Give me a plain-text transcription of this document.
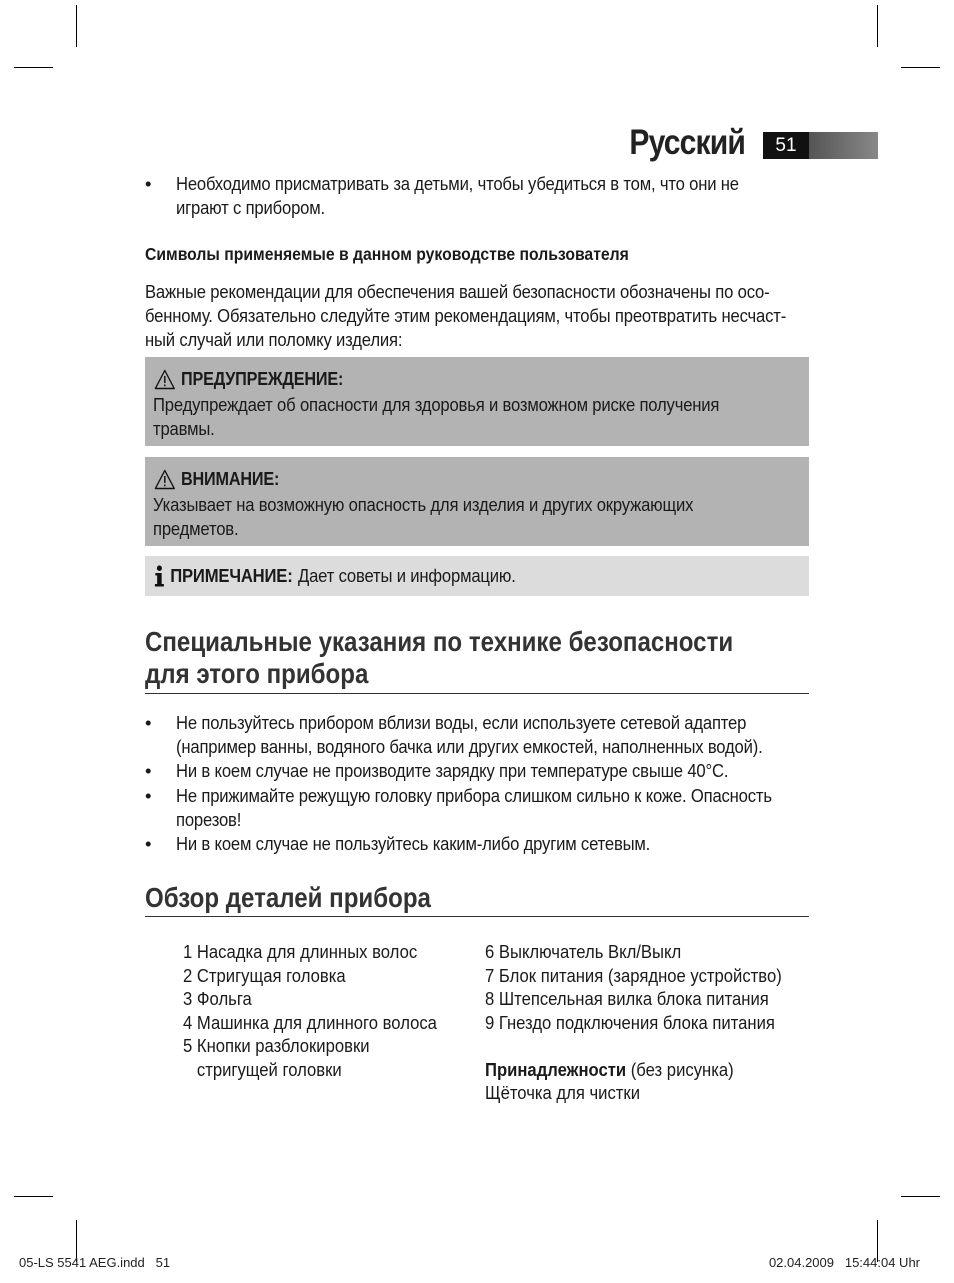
Русский	51
• Необходимо присматривать за детьми, чтобы убедиться в том, что они не
играют с прибором.
Символы применяемые в данном руководстве пользователя
Важные рекомендации для обеспечения вашей безопасности обозначены по осо-
бенному. Обязательно следуйте этим рекомендациям, чтобы преотвратить несчаст-
ный случай или поломку изделия:
ПРЕДУПРЕЖДЕНИЕ:
Предупреждает об опасности для здоровья и возможном риске получения
травмы.
ВНИМАНИЕ:
Указывает на возможную опасность для изделия и других окружающих
предметов.
ПРИМЕЧАНИЕ: Дает советы и информацию.
Специальные указания по технике безопасности
для этого прибора
• Не пользуйтесь прибором вблизи воды, если используете сетевой адаптер
(например ванны, водяного бачка или других емкостей, наполненных водой).
• Ни в коем случае не производите зарядку при температуре свыше 40°C.
• Не прижимайте режущую головку прибора слишком сильно к коже. Опасность
порезов!
• Ни в коем случае не пользуйтесь каким-либо другим сетевым.
Обзор деталей прибора
1 Насадка для длинных волос
2 Стригущая головка
3 Фольга
4 Машинка для длинного волоса
5 Кнопки разблокировки
стригущей головки
6 Выключатель Вкл/Выкл
7 Блок питания (зарядное устройство)
8 Штепсельная вилка блока питания
9 Гнездо подключения блока питания
Принадлежности (без рисунка)
Щёточка для чистки
05-LS 5541 AEG.indd   51	02.04.2009   15:44:04 Uhr
